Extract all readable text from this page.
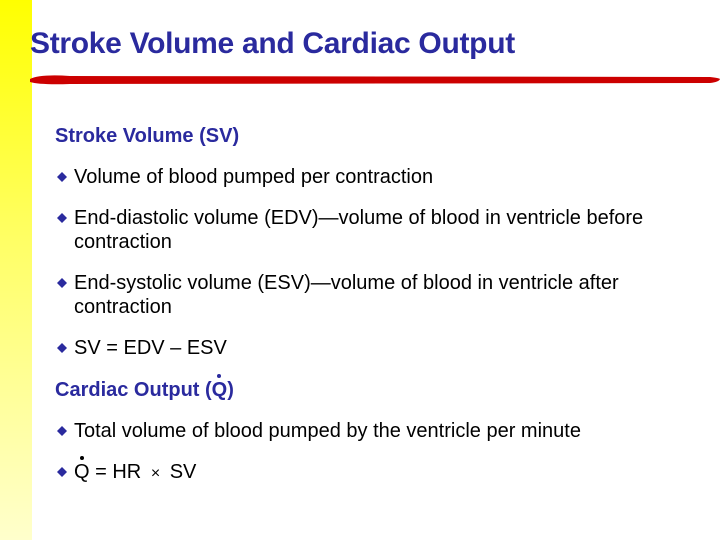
Stroke Volume and Cardiac Output
Stroke Volume (SV)
Volume of blood pumped per contraction
End-diastolic volume (EDV)—volume of blood in ventricle before contraction
End-systolic volume (ESV)—volume of blood in ventricle after contraction
SV = EDV – ESV
Cardiac Output (
Q)
Total volume of blood pumped by the ventricle per minute
Q = HR × SV
